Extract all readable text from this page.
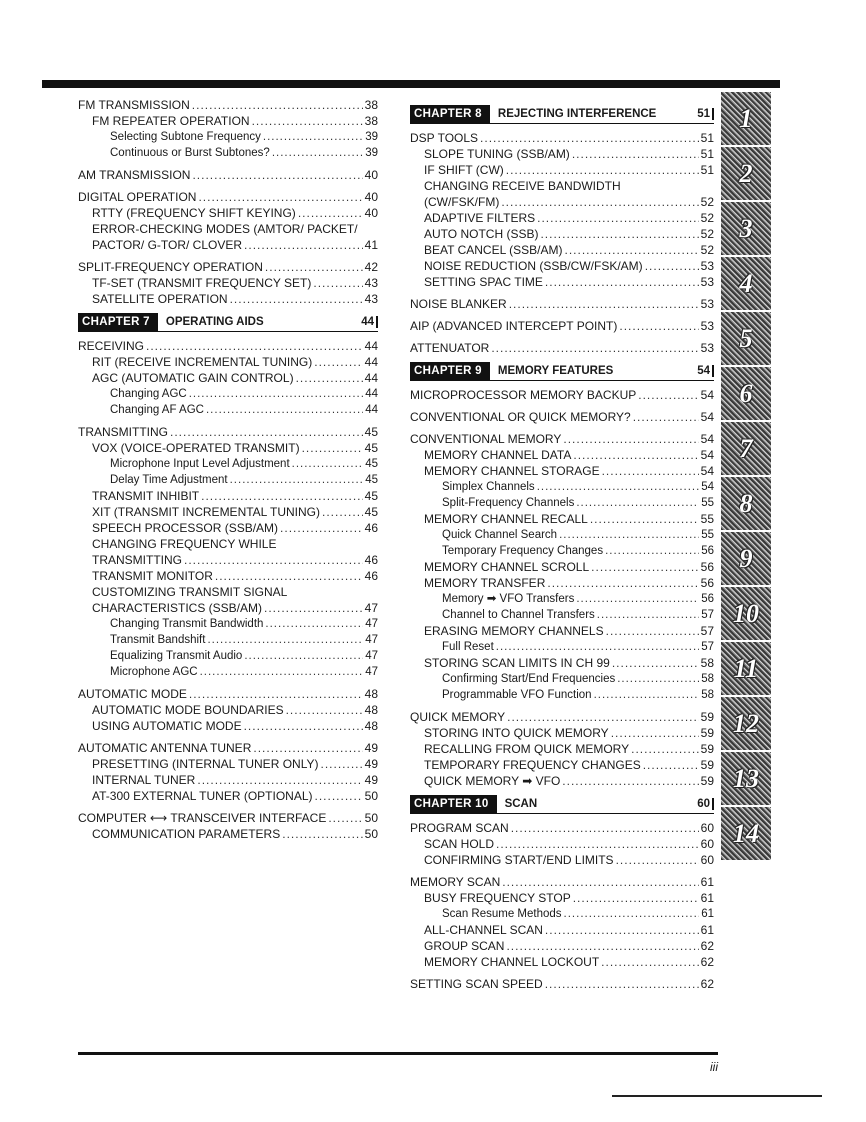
FM TRANSMISSION .....	38
FM REPEATER OPERATION .....	38
Selecting Subtone Frequency .....	39
Continuous or Burst Subtones? .....	39
AM TRANSMISSION .....	40
DIGITAL OPERATION .....	40
RTTY (FREQUENCY SHIFT KEYING) .....	40
ERROR-CHECKING MODES (AMTOR/ PACKET/
PACTOR/ G-TOR/ CLOVER .....	41
SPLIT-FREQUENCY OPERATION .....	42
TF-SET (TRANSMIT FREQUENCY SET) .....	43
SATELLITE OPERATION .....	43
CHAPTER 7	OPERATING AIDS	44
RECEIVING .....	44
RIT (RECEIVE INCREMENTAL TUNING) .....	44
AGC (AUTOMATIC GAIN CONTROL) .....	44
Changing AGC .....	44
Changing AF AGC .....	44
TRANSMITTING .....	45
VOX (VOICE-OPERATED TRANSMIT) .....	45
Microphone Input Level Adjustment .....	45
Delay Time Adjustment .....	45
TRANSMIT INHIBIT .....	45
XIT (TRANSMIT INCREMENTAL TUNING) .....	45
SPEECH PROCESSOR (SSB/AM) .....	46
CHANGING FREQUENCY WHILE
TRANSMITTING .....	46
TRANSMIT MONITOR .....	46
CUSTOMIZING TRANSMIT SIGNAL
CHARACTERISTICS (SSB/AM) .....	47
Changing Transmit Bandwidth .....	47
Transmit Bandshift .....	47
Equalizing Transmit Audio .....	47
Microphone AGC .....	47
AUTOMATIC MODE .....	48
AUTOMATIC MODE BOUNDARIES .....	48
USING AUTOMATIC MODE .....	48
AUTOMATIC ANTENNA TUNER .....	49
PRESETTING (INTERNAL TUNER ONLY) .....	49
INTERNAL TUNER .....	49
AT-300 EXTERNAL TUNER (OPTIONAL) .....	50
COMPUTER ⟷ TRANSCEIVER INTERFACE .....	50
COMMUNICATION PARAMETERS .....	50
CHAPTER 8	REJECTING INTERFERENCE	51
DSP TOOLS .....	51
SLOPE TUNING (SSB/AM) .....	51
IF SHIFT (CW) .....	51
CHANGING RECEIVE BANDWIDTH
(CW/FSK/FM) .....	52
ADAPTIVE FILTERS .....	52
AUTO NOTCH (SSB) .....	52
BEAT CANCEL (SSB/AM) .....	52
NOISE REDUCTION (SSB/CW/FSK/AM) .....	53
SETTING SPAC TIME .....	53
NOISE BLANKER .....	53
AIP (ADVANCED INTERCEPT POINT) .....	53
ATTENUATOR .....	53
CHAPTER 9	MEMORY FEATURES	54
MICROPROCESSOR MEMORY BACKUP .....	54
CONVENTIONAL OR QUICK MEMORY? .....	54
CONVENTIONAL MEMORY .....	54
MEMORY CHANNEL DATA .....	54
MEMORY CHANNEL STORAGE .....	54
Simplex Channels .....	54
Split-Frequency Channels .....	55
MEMORY CHANNEL RECALL .....	55
Quick Channel Search .....	55
Temporary Frequency Changes .....	56
MEMORY CHANNEL SCROLL .....	56
MEMORY TRANSFER .....	56
Memory ➡ VFO Transfers .....	56
Channel to Channel Transfers .....	57
ERASING MEMORY CHANNELS .....	57
Full Reset .....	57
STORING SCAN LIMITS IN CH 99 .....	58
Confirming Start/End Frequencies .....	58
Programmable VFO Function .....	58
QUICK MEMORY .....	59
STORING INTO QUICK MEMORY .....	59
RECALLING FROM QUICK MEMORY .....	59
TEMPORARY FREQUENCY CHANGES .....	59
QUICK MEMORY ➡ VFO .....	59
CHAPTER 10	SCAN	60
PROGRAM SCAN .....	60
SCAN HOLD .....	60
CONFIRMING START/END LIMITS .....	60
MEMORY SCAN .....	61
BUSY FREQUENCY STOP .....	61
Scan Resume Methods .....	61
ALL-CHANNEL SCAN .....	61
GROUP SCAN .....	62
MEMORY CHANNEL LOCKOUT .....	62
SETTING SCAN SPEED .....	62
1
2
3
4
5
6
7
8
9
10
11
12
13
14
iii
